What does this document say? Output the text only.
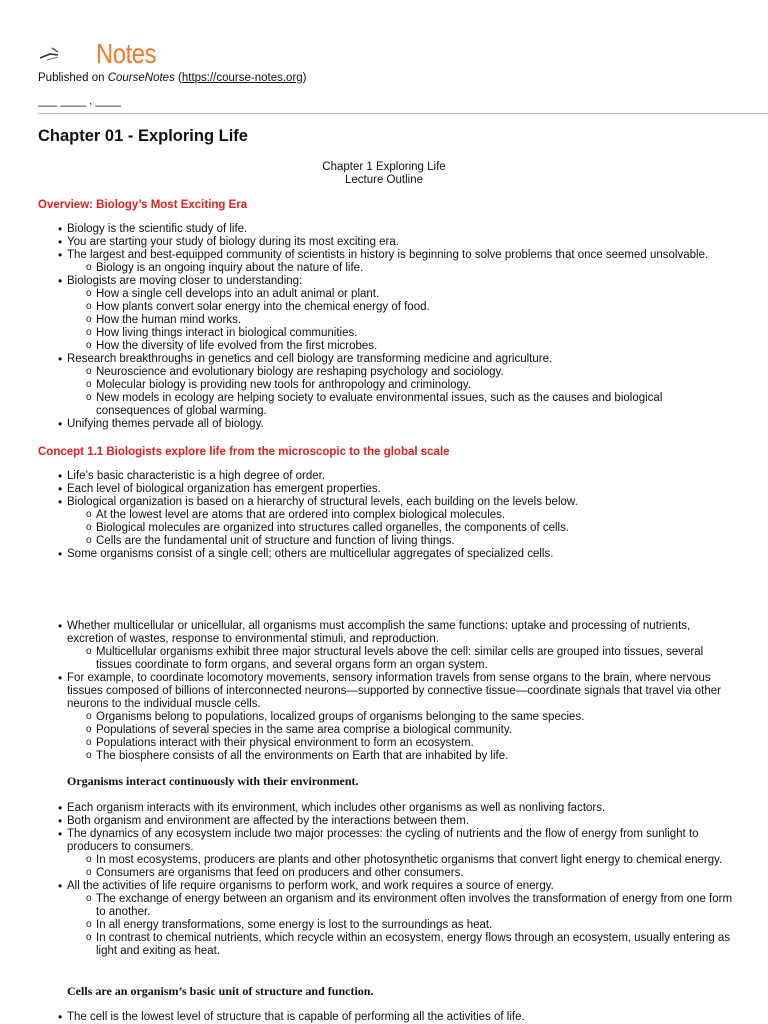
Notes
Published on CourseNotes (https://course-notes.org)
___ ____ , ____
Chapter 01 - Exploring Life
Chapter 1 Exploring Life
Lecture Outline

Overview: Biology’s Most Exciting Era

• Biology is the scientific study of life.
• You are starting your study of biology during its most exciting era.
• The largest and best-equipped community of scientists in history is beginning to solve problems that once seemed unsolvable.
o Biology is an ongoing inquiry about the nature of life.
• Biologists are moving closer to understanding:
o How a single cell develops into an adult animal or plant.
o How plants convert solar energy into the chemical energy of food.
o How the human mind works.
o How living things interact in biological communities.
o How the diversity of life evolved from the first microbes.
• Research breakthroughs in genetics and cell biology are transforming medicine and agriculture.
o Neuroscience and evolutionary biology are reshaping psychology and sociology.
o Molecular biology is providing new tools for anthropology and criminology.
o New models in ecology are helping society to evaluate environmental issues, such as the causes and biological consequences of global warming.
• Unifying themes pervade all of biology.

Concept 1.1 Biologists explore life from the microscopic to the global scale

• Life’s basic characteristic is a high degree of order.
• Each level of biological organization has emergent properties.
• Biological organization is based on a hierarchy of structural levels, each building on the levels below.
o At the lowest level are atoms that are ordered into complex biological molecules.
o Biological molecules are organized into structures called organelles, the components of cells.
o Cells are the fundamental unit of structure and function of living things.
• Some organisms consist of a single cell; others are multicellular aggregates of specialized cells.
• Whether multicellular or unicellular, all organisms must accomplish the same functions: uptake and processing of nutrients, excretion of wastes, response to environmental stimuli, and reproduction.
o Multicellular organisms exhibit three major structural levels above the cell: similar cells are grouped into tissues, several tissues coordinate to form organs, and several organs form an organ system.
• For example, to coordinate locomotory movements, sensory information travels from sense organs to the brain, where nervous tissues composed of billions of interconnected neurons—supported by connective tissue—coordinate signals that travel via other neurons to the individual muscle cells.
o Organisms belong to populations, localized groups of organisms belonging to the same species.
o Populations of several species in the same area comprise a biological community.
o Populations interact with their physical environment to form an ecosystem.
o The biosphere consists of all the environments on Earth that are inhabited by life.

Organisms interact continuously with their environment.

• Each organism interacts with its environment, which includes other organisms as well as nonliving factors.
• Both organism and environment are affected by the interactions between them.
• The dynamics of any ecosystem include two major processes: the cycling of nutrients and the flow of energy from sunlight to producers to consumers.
o In most ecosystems, producers are plants and other photosynthetic organisms that convert light energy to chemical energy.
o Consumers are organisms that feed on producers and other consumers.
• All the activities of life require organisms to perform work, and work requires a source of energy.
o The exchange of energy between an organism and its environment often involves the transformation of energy from one form to another.
o In all energy transformations, some energy is lost to the surroundings as heat.
o In contrast to chemical nutrients, which recycle within an ecosystem, energy flows through an ecosystem, usually entering as light and exiting as heat.

Cells are an organism’s basic unit of structure and function.

• The cell is the lowest level of structure that is capable of performing all the activities of life.
